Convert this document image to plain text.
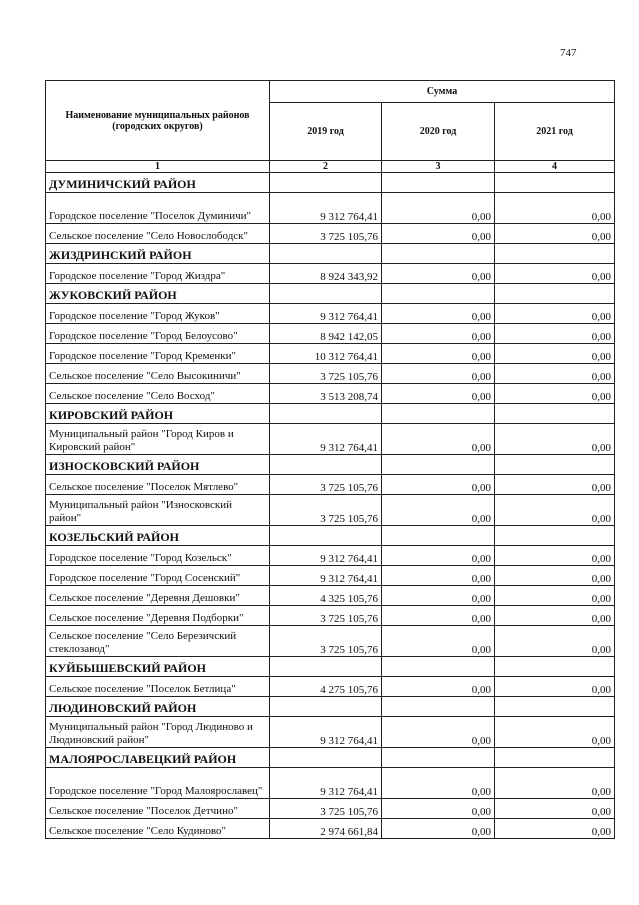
747
Наименование муниципальных районов (городских округов)	Сумма		
	2019 год	2020 год	2021 год
1	2	3	4
ДУМИНИЧСКИЙ РАЙОН			
Городское поселение "Поселок Думиничи"	9 312 764,41	0,00	0,00
Сельское поселение "Село Новослободск"	3 725 105,76	0,00	0,00
ЖИЗДРИНСКИЙ РАЙОН			
Городское поселение "Город Жиздра"	8 924 343,92	0,00	0,00
ЖУКОВСКИЙ РАЙОН			
Городское поселение "Город Жуков"	9 312 764,41	0,00	0,00
Городское поселение "Город Белоусово"	8 942 142,05	0,00	0,00
Городское поселение "Город Кременки"	10 312 764,41	0,00	0,00
Сельское поселение "Село Высокиничи"	3 725 105,76	0,00	0,00
Сельское поселение "Село Восход"	3 513 208,74	0,00	0,00
КИРОВСКИЙ РАЙОН			
Муниципальный район "Город Киров и Кировский район"	9 312 764,41	0,00	0,00
ИЗНОСКОВСКИЙ РАЙОН			
Сельское поселение "Поселок Мятлево"	3 725 105,76	0,00	0,00
Муниципальный район "Износковский район"	3 725 105,76	0,00	0,00
КОЗЕЛЬСКИЙ РАЙОН			
Городское поселение "Город Козельск"	9 312 764,41	0,00	0,00
Городское поселение "Город Сосенский"	9 312 764,41	0,00	0,00
Сельское поселение "Деревня Дешовки"	4 325 105,76	0,00	0,00
Сельское поселение "Деревня Подборки"	3 725 105,76	0,00	0,00
Сельское поселение "Село Березичский стеклозавод"	3 725 105,76	0,00	0,00
КУЙБЫШЕВСКИЙ РАЙОН			
Сельское поселение "Поселок Бетлица"	4 275 105,76	0,00	0,00
ЛЮДИНОВСКИЙ РАЙОН			
Муниципальный район "Город Людиново и Людиновский район"	9 312 764,41	0,00	0,00
МАЛОЯРОСЛАВЕЦКИЙ РАЙОН			
Городское поселение "Город Малоярославец"	9 312 764,41	0,00	0,00
Сельское поселение "Поселок Детчино"	3 725 105,76	0,00	0,00
Сельское поселение "Село Кудиново"	2 974 661,84	0,00	0,00
